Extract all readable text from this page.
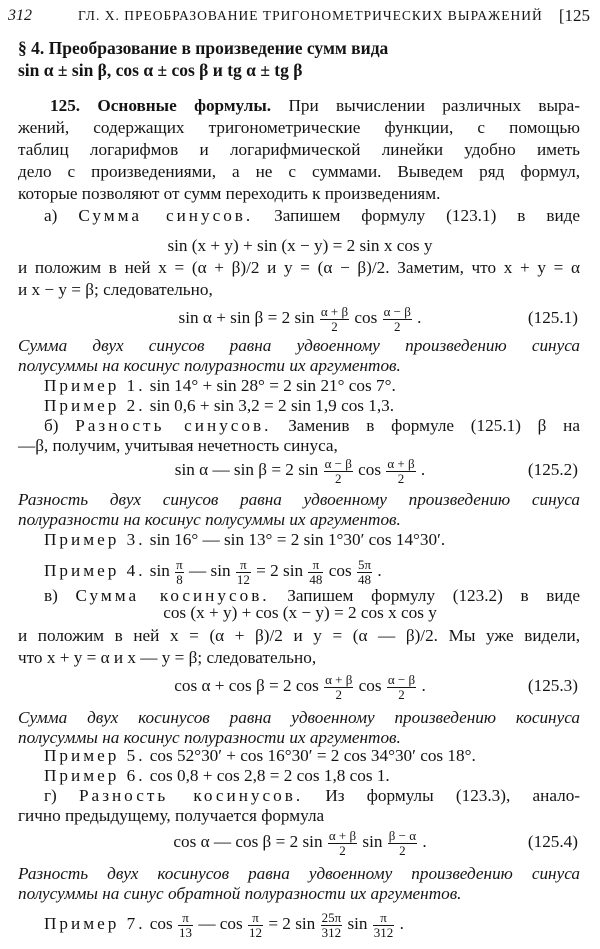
312	ГЛ. X. ПРЕОБРАЗОВАНИЕ ТРИГОНОМЕТРИЧЕСКИХ ВЫРАЖЕНИЙ [125
§ 4. Преобразование в произведение сумм вида
sin α ± sin β, cos α ± cos β и tg α ± tg β
125. Основные формулы. При вычислении различных выра-
жений, содержащих тригонометрические функции, с помощью
таблиц логарифмов и логарифмической линейки удобно иметь
дело с произведениями, а не с суммами. Выведем ряд формул,
которые позволяют от сумм переходить к произведениям.
а) Сумма синусов. Запишем формулу (123.1) в виде
sin (x + y) + sin (x − y) = 2 sin x cos y
и положим в ней x = (α + β)/2 и y = (α − β)/2. Заметим, что x + y = α
и x − y = β; следовательно,
sin α + sin β = 2 $\sin \frac{\alpha + \beta}{2}$ $\cos \frac{\alpha - \beta}{2}$ .	(125.1)
Сумма двух синусов равна удвоенному произведению синуса
полусуммы на косинус полуразности их аргументов.
Пример 1. sin 14° + sin 28° = 2 sin 21° cos 7°.
Пример 2. sin 0,6 + sin 3,2 = 2 sin 1,9 cos 1,3.
б) Разность синусов. Заменив в формуле (125.1) β на
—β, получим, учитывая нечетность синуса,
sin α — sin β = 2 $\sin \frac{\alpha - \beta}{2}$ $\cos \frac{\alpha + \beta}{2}$ .	(125.2)
Разность двух синусов равна удвоенному произведению синуса
полуразности на косинус полусуммы их аргументов.
Пример 3. sin 16° — sin 13° = 2 sin 1°30′ cos 14°30′.
Пример 4. $\sin \frac{\pi}{8}$ — $\sin \frac{\pi}{12} = 2$ $\sin \frac{\pi}{48}$ $\cos \frac{5\pi}{48}$ .
в) Сумма косинусов. Запишем формулу (123.2) в виде
cos (x + y) + cos (x − y) = 2 cos x cos y
и положим в ней x = (α + β)/2 и y = (α — β)/2. Мы уже видели,
что x + y = α и x — y = β; следовательно,
cos α + cos β = 2 $\cos \frac{\alpha + \beta}{2}$ $\cos \frac{\alpha - \beta}{2}$ .	(125.3)
Сумма двух косинусов равна удвоенному произведению косинуса
полусуммы на косинус полуразности их аргументов.
Пример 5. cos 52°30′ + cos 16°30′ = 2 cos 34°30′ cos 18°.
Пример 6. cos 0,8 + cos 2,8 = 2 cos 1,8 cos 1.
г) Разность косинусов. Из формулы (123.3), анало-
гично предыдущему, получается формула
cos α — cos β = 2 $\sin \frac{\alpha + \beta}{2}$ $\sin \frac{\beta - \alpha}{2}$ .	(125.4)
Разность двух косинусов равна удвоенному произведению синуса
полусуммы на синус обратной полуразности их аргументов.
Пример 7. $\cos \frac{\pi}{13}$ — $\cos \frac{\pi}{12} = 2$ $\sin \frac{25\pi}{312}$ $\sin \frac{\pi}{312}$ .
